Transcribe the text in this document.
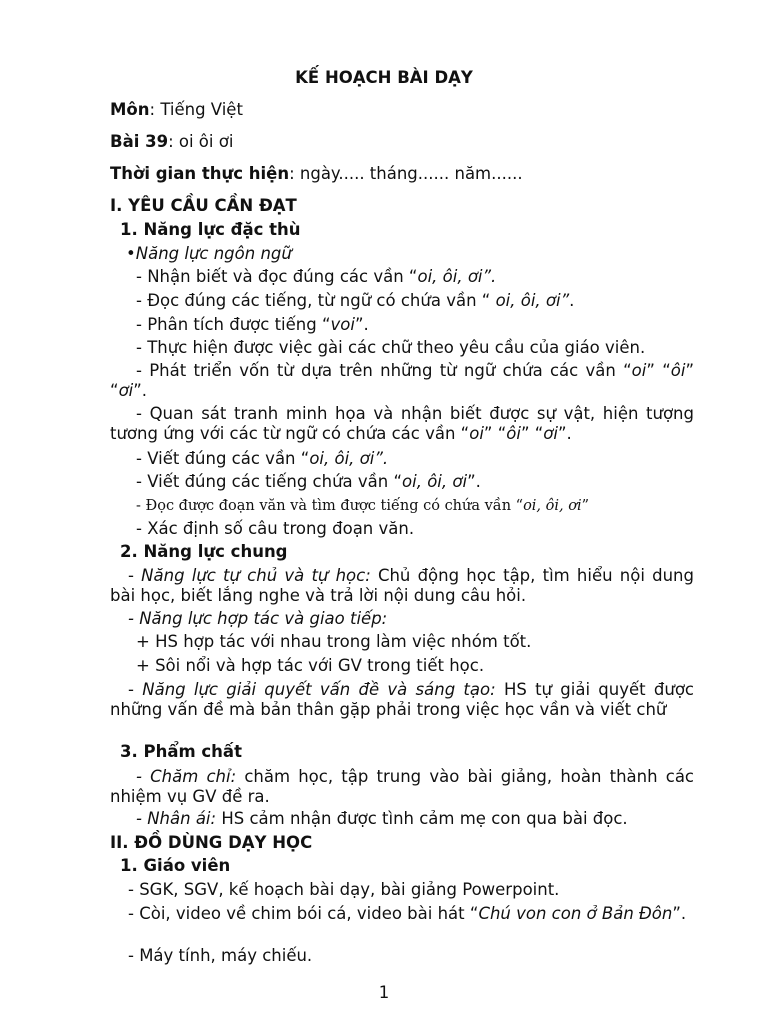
KẾ HOẠCH BÀI DẠY
Môn: Tiếng Việt
Bài 39: oi ôi ơi
Thời gian thực hiện: ngày..... tháng...... năm......
I. YÊU CẦU CẦN ĐẠT
1. Năng lực đặc thù
•Năng lực ngôn ngữ
- Nhận biết và đọc đúng các vần “oi, ôi, ơi”.
- Đọc đúng các tiếng, từ ngữ có chứa vần “ oi, ôi, ơi”.
- Phân tích được tiếng “voi”.
- Thực hiện được việc gài các chữ theo yêu cầu của giáo viên.
- Phát triển vốn từ dựa trên những từ ngữ chứa các vần “oi” “ôi” “ơi”.
- Quan sát tranh minh họa và nhận biết được sự vật, hiện tượng tương ứng với các từ ngữ có chứa các vần “oi” “ôi” “ơi”.
- Viết đúng các vần “oi, ôi, ơi”.
- Viết đúng các tiếng chứa vần “oi, ôi, ơi”.
- Đọc được đoạn văn và tìm được tiếng có chứa vần “oi, ôi, ơi”
- Xác định số câu trong đoạn văn.
2. Năng lực chung
- Năng lực tự chủ và tự học: Chủ động học tập, tìm hiểu nội dung bài học, biết lắng nghe và trả lời nội dung câu hỏi.
- Năng lực hợp tác và giao tiếp:
+ HS hợp tác với nhau trong làm việc nhóm tốt.
+ Sôi nổi và hợp tác với GV trong tiết học.
- Năng lực giải quyết vấn đề và sáng tạo: HS tự giải quyết được những vấn đề mà bản thân gặp phải trong việc học vần và viết chữ
3. Phẩm chất
- Chăm chỉ: chăm học, tập trung vào bài giảng, hoàn thành các nhiệm vụ GV đề ra.
- Nhân ái: HS cảm nhận được tình cảm mẹ con qua bài đọc.
II. ĐỒ DÙNG DẠY HỌC
1. Giáo viên
- SGK, SGV, kế hoạch bài dạy, bài giảng Powerpoint.
- Còi, video về chim bói cá, video bài hát “Chú von con ở Bản Đôn”.
- Máy tính, máy chiếu.
1
